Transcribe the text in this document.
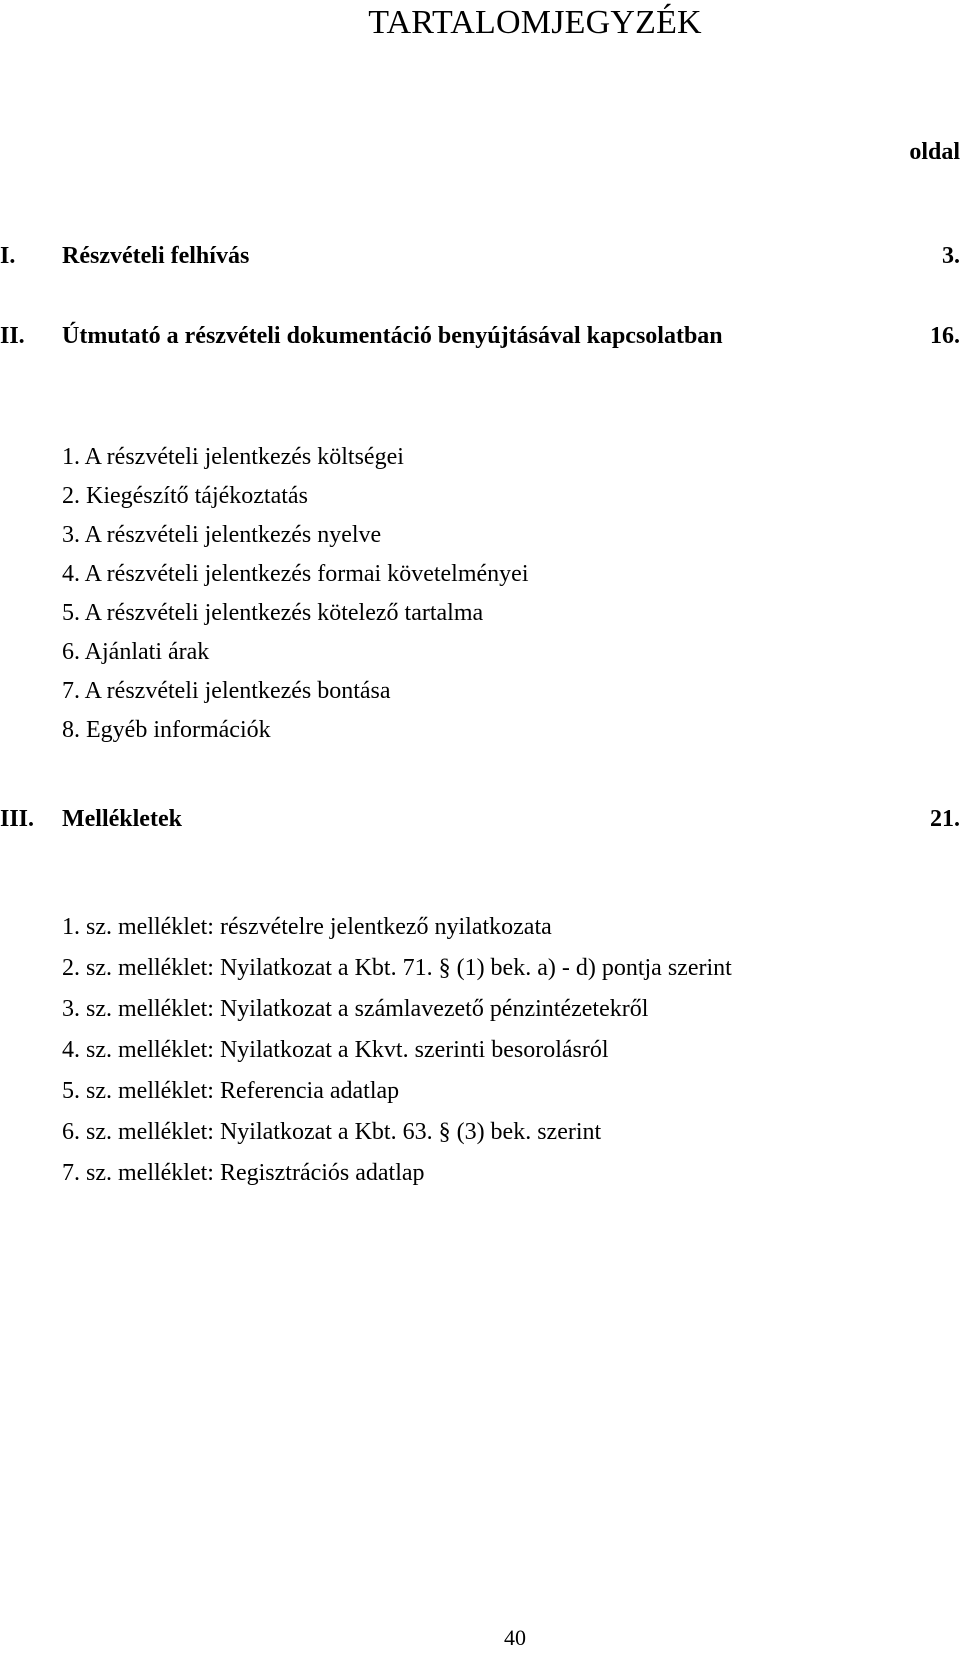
TARTALOMJEGYZÉK
oldal
I. Részvételi felhívás	3.
II. Útmutató a részvételi dokumentáció benyújtásával kapcsolatban	16.
1. A részvételi jelentkezés költségei
2. Kiegészítő tájékoztatás
3. A részvételi jelentkezés nyelve
4. A részvételi jelentkezés formai követelményei
5. A részvételi jelentkezés kötelező tartalma
6. Ajánlati árak
7. A részvételi jelentkezés bontása
8. Egyéb információk
III. Mellékletek	21.
1. sz. melléklet: részvételre jelentkező nyilatkozata
2. sz. melléklet: Nyilatkozat a Kbt. 71. § (1) bek. a) - d) pontja szerint
3. sz. melléklet: Nyilatkozat a számlavezető pénzintézetekről
4. sz. melléklet: Nyilatkozat a Kkvt. szerinti besorolásról
5. sz. melléklet: Referencia adatlap
6. sz. melléklet: Nyilatkozat a Kbt. 63. § (3) bek. szerint
7. sz. melléklet: Regisztrációs adatlap
40
